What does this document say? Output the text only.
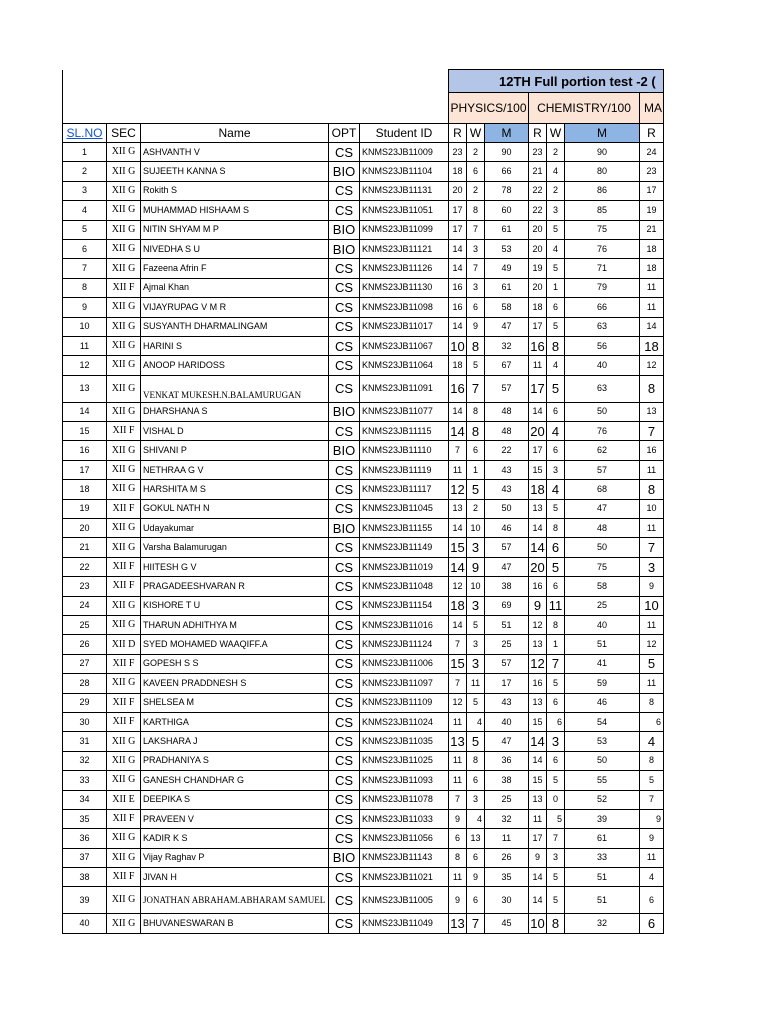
					12TH Full portion test -2 (						
					PHYSICS/100			CHEMISTRY/100			MA
SL.NO	SEC	Name	OPT	Student ID	R	W	M	R	W	M	R
1	XII G	ASHVANTH V	CS	KNMS23JB11009	23	2	90	23	2	90	24
2	XII G	SUJEETH KANNA S	BIO	KNMS23JB11104	18	6	66	21	4	80	23
3	XII G	Rokith S	CS	KNMS23JB11131	20	2	78	22	2	86	17
4	XII G	MUHAMMAD HISHAAM S	CS	KNMS23JB11051	17	8	60	22	3	85	19
5	XII G	NITIN SHYAM M P	BIO	KNMS23JB11099	17	7	61	20	5	75	21
6	XII G	NIVEDHA S U	BIO	KNMS23JB11121	14	3	53	20	4	76	18
7	XII G	Fazeena Afrin F	CS	KNMS23JB11126	14	7	49	19	5	71	18
8	XII F	Ajmal Khan	CS	KNMS23JB11130	16	3	61	20	1	79	11
9	XII G	VIJAYRUPAG V M R	CS	KNMS23JB11098	16	6	58	18	6	66	11
10	XII G	SUSYANTH DHARMALINGAM	CS	KNMS23JB11017	14	9	47	17	5	63	14
11	XII G	HARINI S	CS	KNMS23JB11067	10	8	32	16	8	56	18
12	XII G	ANOOP HARIDOSS	CS	KNMS23JB11064	18	5	67	11	4	40	12
13	XII G	VENKAT MUKESH.N.BALAMURUGAN	CS	KNMS23JB11091	16	7	57	17	5	63	8
14	XII G	DHARSHANA S	BIO	KNMS23JB11077	14	8	48	14	6	50	13
15	XII F	VISHAL D	CS	KNMS23JB11115	14	8	48	20	4	76	7
16	XII G	SHIVANI P	BIO	KNMS23JB11110	7	6	22	17	6	62	16
17	XII G	NETHRAA G V	CS	KNMS23JB11119	11	1	43	15	3	57	11
18	XII G	HARSHITA M S	CS	KNMS23JB11117	12	5	43	18	4	68	8
19	XII F	GOKUL NATH N	CS	KNMS23JB11045	13	2	50	13	5	47	10
20	XII G	Udayakumar	BIO	KNMS23JB11155	14	10	46	14	8	48	11
21	XII G	Varsha Balamurugan	CS	KNMS23JB11149	15	3	57	14	6	50	7
22	XII F	HIITESH G V	CS	KNMS23JB11019	14	9	47	20	5	75	3
23	XII F	PRAGADEESHVARAN R	CS	KNMS23JB11048	12	10	38	16	6	58	9
24	XII G	KISHORE T U	CS	KNMS23JB11154	18	3	69	9	11	25	10
25	XII G	THARUN ADHITHYA M	CS	KNMS23JB11016	14	5	51	12	8	40	11
26	XII D	SYED MOHAMED WAAQIFF.A	CS	KNMS23JB11124	7	3	25	13	1	51	12
27	XII F	GOPESH S S	CS	KNMS23JB11006	15	3	57	12	7	41	5
28	XII G	KAVEEN PRADDNESH S	CS	KNMS23JB11097	7	11	17	16	5	59	11
29	XII F	SHELSEA M	CS	KNMS23JB11109	12	5	43	13	6	46	8
30	XII F	KARTHIGA	CS	KNMS23JB11024	11	4	40	15	6	54	6
31	XII G	LAKSHARA J	CS	KNMS23JB11035	13	5	47	14	3	53	4
32	XII G	PRADHANIYA S	CS	KNMS23JB11025	11	8	36	14	6	50	8
33	XII G	GANESH CHANDHAR G	CS	KNMS23JB11093	11	6	38	15	5	55	5
34	XII E	DEEPIKA S	CS	KNMS23JB11078	7	3	25	13	0	52	7
35	XII F	PRAVEEN V	CS	KNMS23JB11033	9	4	32	11	5	39	9
36	XII G	KADIR K S	CS	KNMS23JB11056	6	13	11	17	7	61	9
37	XII G	Vijay Raghav P	BIO	KNMS23JB11143	8	6	26	9	3	33	11
38	XII F	JIVAN H	CS	KNMS23JB11021	11	9	35	14	5	51	4
39	XII G	JONATHAN ABRAHAM.ABHARAM SAMUEL	CS	KNMS23JB11005	9	6	30	14	5	51	6
40	XII G	BHUVANESWARAN B	CS	KNMS23JB11049	13	7	45	10	8	32	6
